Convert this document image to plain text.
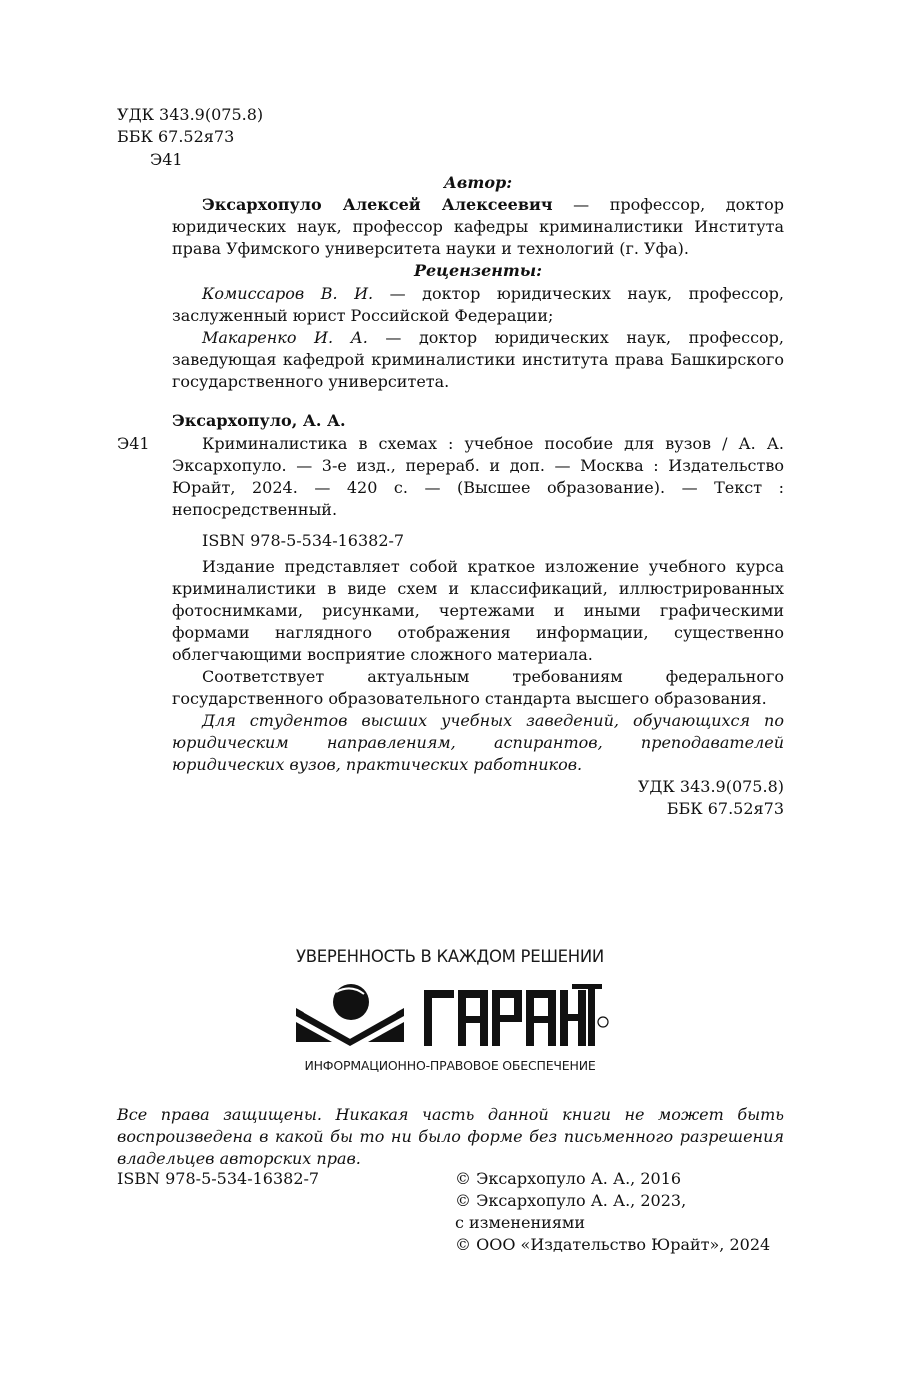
УДК 343.9(075.8)
ББК 67.52я73
Э41
Автор:

Эксархопуло Алексей Алексеевич — профессор, доктор юридических наук, профессор кафедры криминалистики Института права Уфимского университета науки и технологий (г. Уфа).

Рецензенты:

Комиссаров В. И. — доктор юридических наук, профессор, заслуженный юрист Российской Федерации;

Макаренко И. А. — доктор юридических наук, профессор, заведующая кафедрой криминалистики института права Башкирского государственного университета.

Эксархопуло, А. А.
Э41	Криминалистика в схемах : учебное пособие для вузов / А. А. Эксархопуло. — 3-е изд., перераб. и доп. — Москва : Издательство Юрайт, 2024. — 420 с. — (Высшее образование). — Текст : непосредственный.

ISBN 978-5-534-16382-7

Издание представляет собой краткое изложение учебного курса криминалистики в виде схем и классификаций, иллюстрированных фотоснимками, рисунками, чертежами и иными графическими формами наглядного отображения информации, существенно облегчающими восприятие сложного материала.

Соответствует актуальным требованиям федерального государственного образовательного стандарта высшего образования.

Для студентов высших учебных заведений, обучающихся по юридическим направлениям, аспирантов, преподавателей юридических вузов, практических работников.

УДК 343.9(075.8)
ББК 67.52я73
УВЕРЕННОСТЬ В КАЖДОМ РЕШЕНИИ
ИНФОРМАЦИОННО-ПРАВОВОЕ ОБЕСПЕЧЕНИЕ

Все права защищены. Никакая часть данной книги не может быть воспроизведена в какой бы то ни было форме без письменного разрешения владельцев авторских прав.

ISBN 978-5-534-16382-7	© Эксархопуло А. А., 2016
© Эксархопуло А. А., 2023,
с изменениями
© ООО «Издательство Юрайт», 2024
